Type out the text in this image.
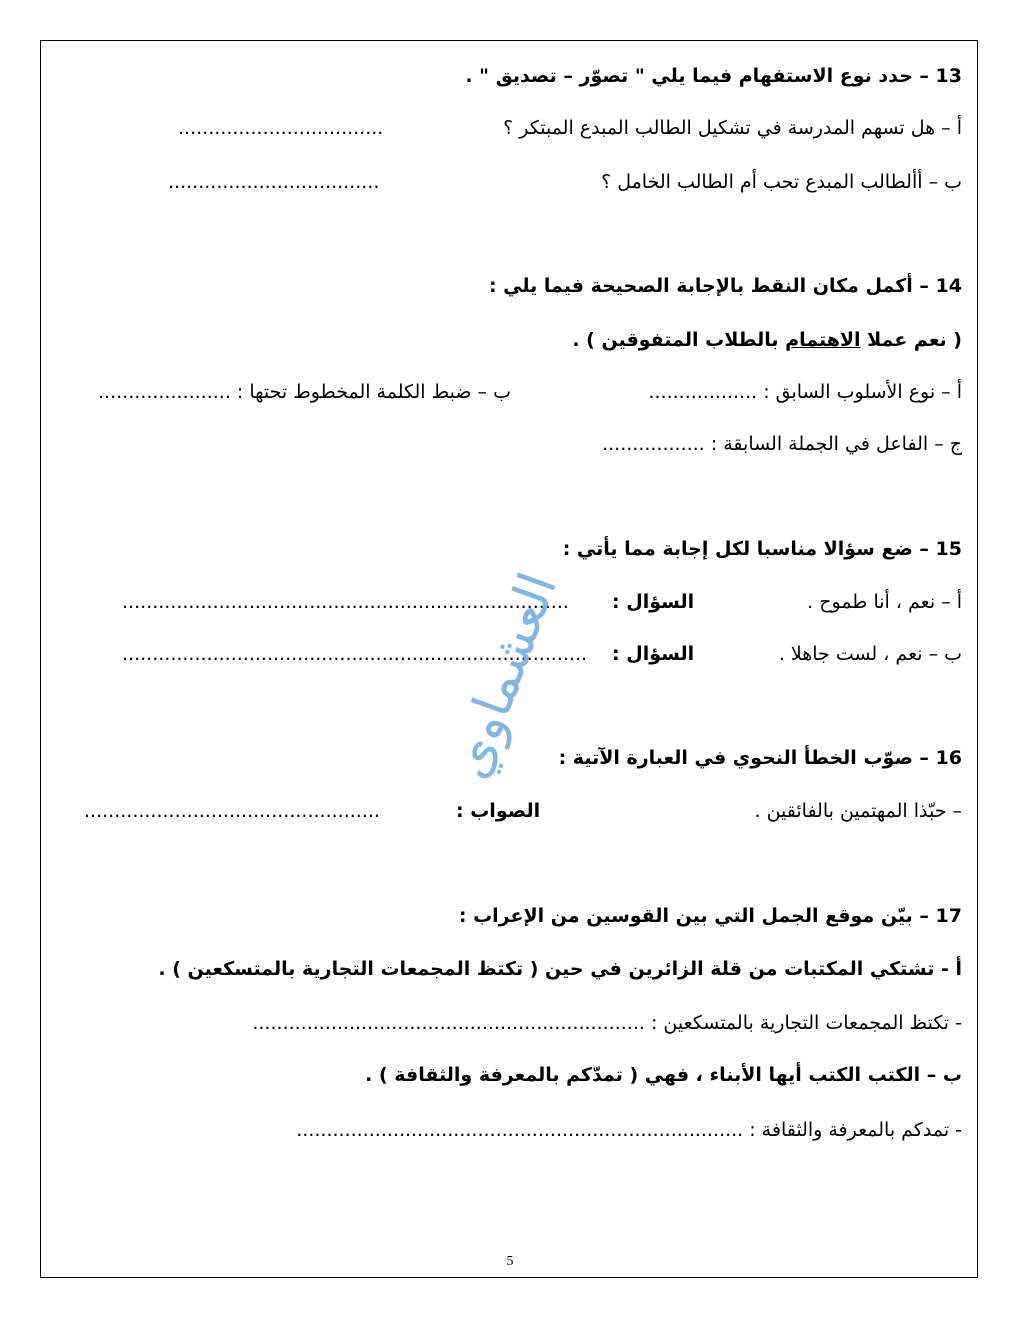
13 – حدد نوع الاستفهام فيما يلي " تصوّر – تصديق " .
أ – هل تسهم المدرسة في تشكيل الطالب المبدع المبتكر ؟
..................................
ب – أألطالب المبدع تحب أم الطالب الخامل ؟
...................................
14 – أكمل مكان النقط بالإجابة الصحيحة فيما يلي :
( نعم عملا الاهتمام بالطلاب المتفوقين ) .
أ – نوع الأسلوب السابق : ..................
ب – ضبط الكلمة المخطوط تحتها : ......................
ج – الفاعل في الجملة السابقة : .................
15 – ضع سؤالا مناسبا لكل إجابة مما يأتي :
أ – نعم ، أنا طموح .
السؤال :
..........................................................................
ب – نعم ، لست جاهلا .
السؤال :
.............................................................................
العشماوي
16 – صوّب الخطأ النحوي في العبارة الآتية :
– حبّذا المهتمين بالفائقين .
الصواب :
.................................................
17 – بيّن موقع الجمل التي بين القوسين من الإعراب :
أ - تشتكي المكتبات من قلة الزائرين في حين ( تكتظ المجمعات التجارية بالمتسكعين ) .
- تكتظ المجمعات التجارية بالمتسكعين : .................................................................
ب – الكتب الكتب أيها الأبناء ، فهي ( تمدّكم بالمعرفة والثقافة ) .
- تمدكم بالمعرفة والثقافة : ..........................................................................
5
